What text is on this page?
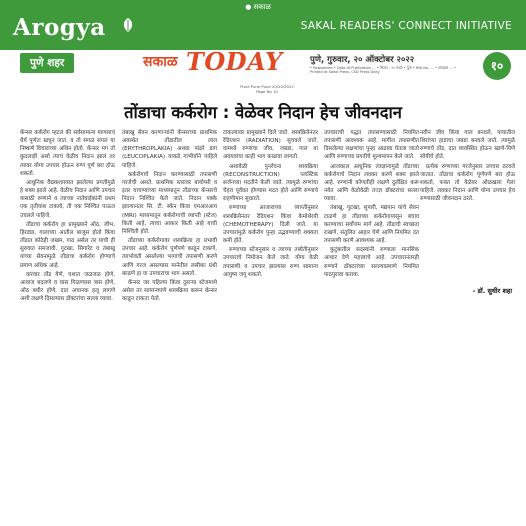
● सकाळ
Arogya	SAKAL READERS' CONNECT INITIATIVE
पुणे शहर	सकाळ TODAY	पुणे, गुरुवार, २० ऑक्टोबर २०२२
• Registered • Date of Publication ... • किंमत : १० रुपये • पुणे • RNI No. ... • संपादक ... • Printed at Sakal Press, CSD Press Daily	१०
Pune Pune Pune 20/10/2022 Page No 10
तोंडाचा कर्करोग : वेळेवर निदान हेच जीवनदान

कॅन्सर कर्करोग म्हटलं की सर्वसामान्य माणसाचं धैर्य पूर्णतः खचून जातं. व तो सगळं संपलं या निष्कर्ष विचारांच्या अधिन होतो. कॅन्सर मग तो कुठलाही असो त्याचं वेळीच निदान झालं तर त्यावर योग्य उपचार होऊन रुग्ण पूर्ण बरा होऊ शकतो.

आधुनिक वैद्यकशास्त्रात झालेल्या प्रगतीमुळे हे शक्य झाले आहे. वेळीच निदान आणि उपचार यासाठी रुग्णाने व त्याच्या नातेवाईकांनी प्रथम एक तृतीयांश टाकावे, ती एक निश्चित पाऊल उचलले पाहिजे.

तोंडाचा कर्करोग हा प्रामुख्याने ओठ, जीभ, हिरड्या, गालाच्या आतील बाजूस होतो किंवा तोंडात कोठेही जखम, गाठ असेल तर याची ही सुरुवात समजावी. गुटखा, सिगारेट व तंबाखू यांच्या सेवनामुळे तोंडाचा कर्करोग होण्याचे प्रमाण अधिक आहे.

वारंवार तोंड येणे, घशात जळजळ होणे, आवाज बदलणे व घास गिळण्यास त्रास होणे, ओठ बधीर होणे, दात अचानक हलू लागणे अशी लक्षणे दिसल्यास डॉक्टरांचा सल्ला घ्यावा.

तंबाखू सेवन करणाऱ्यांनी कॅन्सरच्या प्राथमिक अवस्थेत तोंडातील लाल (ERYTHROPLAKIA) अथवा पांढरे डाग (LEUCOPLAKIA) याकडे गांभीर्याने पाहिले पाहिजे.

कर्करोगाचे निदान करण्यासाठी तपासणी गरजेची असते. प्राथमिक स्तरावर बायोप्सी व इतर चाचण्यांच्या माध्यमातून तोंडाच्या कॅन्सरचे निदान निश्चित केले जाते. निदान पक्के झाल्यानंतर सि. टी. स्कॅन किंवा एमआरआय (MRI) माध्यमातून कर्करोगाची व्याप्ती (स्टेज) किती आहे, त्याचा आकार किती आहे याची निश्चिती होते.

तोंडाच्या कर्करोगावर शस्त्रक्रिया हा प्रभावी उपचार आहे. कर्करोग पूर्णपणे काढून टाकणे, त्याभोवती असलेल्या भागाची तपासणी करणे आणि गरज असल्यास मानेतील लसीका ग्रंथी काढणे हा या उपचाराचा भाग असतो.

कॅन्सर जर पहिल्या किंवा दुसऱ्या स्टेजमध्ये असेल तर सामान्यपणे शस्त्रक्रिया करून कॅन्सर काढून टाकता येतो.

टाकल्यावर प्रामुख्याने दिले जाते. शस्त्रक्रियेनंतर रेडिएशन (RADIATION) सुचवले जाते. यामध्ये रुग्णांचा जीव, जबडा, गाल या अवयवांचा काही भाग काढावा लागतो.

अशावेळी पुनर्रचना शस्त्रक्रिया (RECONSTRUCTION) प्लास्टिक सर्जनच्या मदतीने केली जाते. त्यामुळे रुग्णांचा चेहरा पूर्ववत होण्यास मदत होते आणि रुग्णाचे राहणीमान सुधारते.

रुग्णाच्या आजाराच्या व्याप्तीनुसार शस्त्रक्रियेनंतर रेडिएशन किंवा केमोथेरपी (CHEMOTHERAPY) दिली जाते. या उपचारांमुळे कर्करोग पुन्हा उद्भवण्याची शक्यता कमी होते.

रुग्णाच्या स्टेजनुसार व त्याच्या तब्येतीनुसार उपचाराचे नियोजन केले जाते. योग्य वेळी तपासणी व उपचार झाल्यास रुग्ण सामान्य आयुष्य जगू शकतो.

उपचाराची पद्धत तपासण्यासाठी नियमित तपासणी आवश्यक आहे. मागील तपासणीत दिसलेल्या लक्षणांचा पुन्हा आढावा घेतला जातो आणि रुग्णाच्या प्रगतीचे मूल्यमापन केले जाते.

आजकाल आधुनिक तंत्रज्ञानामुळे तोंडाच्या कर्करोगाचे निदान लवकर करणे शक्य झाले आहे. रुग्णांनी कोणतीही लक्षणे दुर्लक्षित करू नयेत आणि वेळोवेळी तज्ज्ञ डॉक्टरांचा सल्ला घ्यावा.

तंबाखू, गुटखा, सुपारी, मद्यपान यांचे सेवन टाळणे हा तोंडाच्या कर्करोगापासून बचाव करण्याचा सर्वोत्तम मार्ग आहे. तोंडाची स्वच्छता राखणे, संतुलित आहार घेणे आणि नियमित दंत तपासणी करणे आवश्यक आहे.

कुटुंबातील सदस्यांनी रुग्णाला मानसिक आधार देणे महत्त्वाचे आहे. उपचारानंतरही रुग्णाने डॉक्टरांच्या सल्ल्याप्रमाणे नियमित पाठपुरावा करावा.

नवीन जीव किंवा गाल बनवले, पायातील शिरांच्या हाडाचा जबडा बनवले जाते. त्यामुळे रुग्णाचे तोंड, दात व्यवस्थित होऊन खाणे-पिणे सोयीचे होते.

प्रत्येक रुग्णाच्या गरजेनुसार उपचार ठरवले जातात. तोंडाचा कर्करोग पूर्णपणे बरा होऊ शकतो, फक्त तो वेळेवर ओळखला गेला पाहिजे. लवकर निदान आणि योग्य उपचार हेच रुग्णासाठी जीवनदान ठरते.

- डॉ. सुधीर शहा
